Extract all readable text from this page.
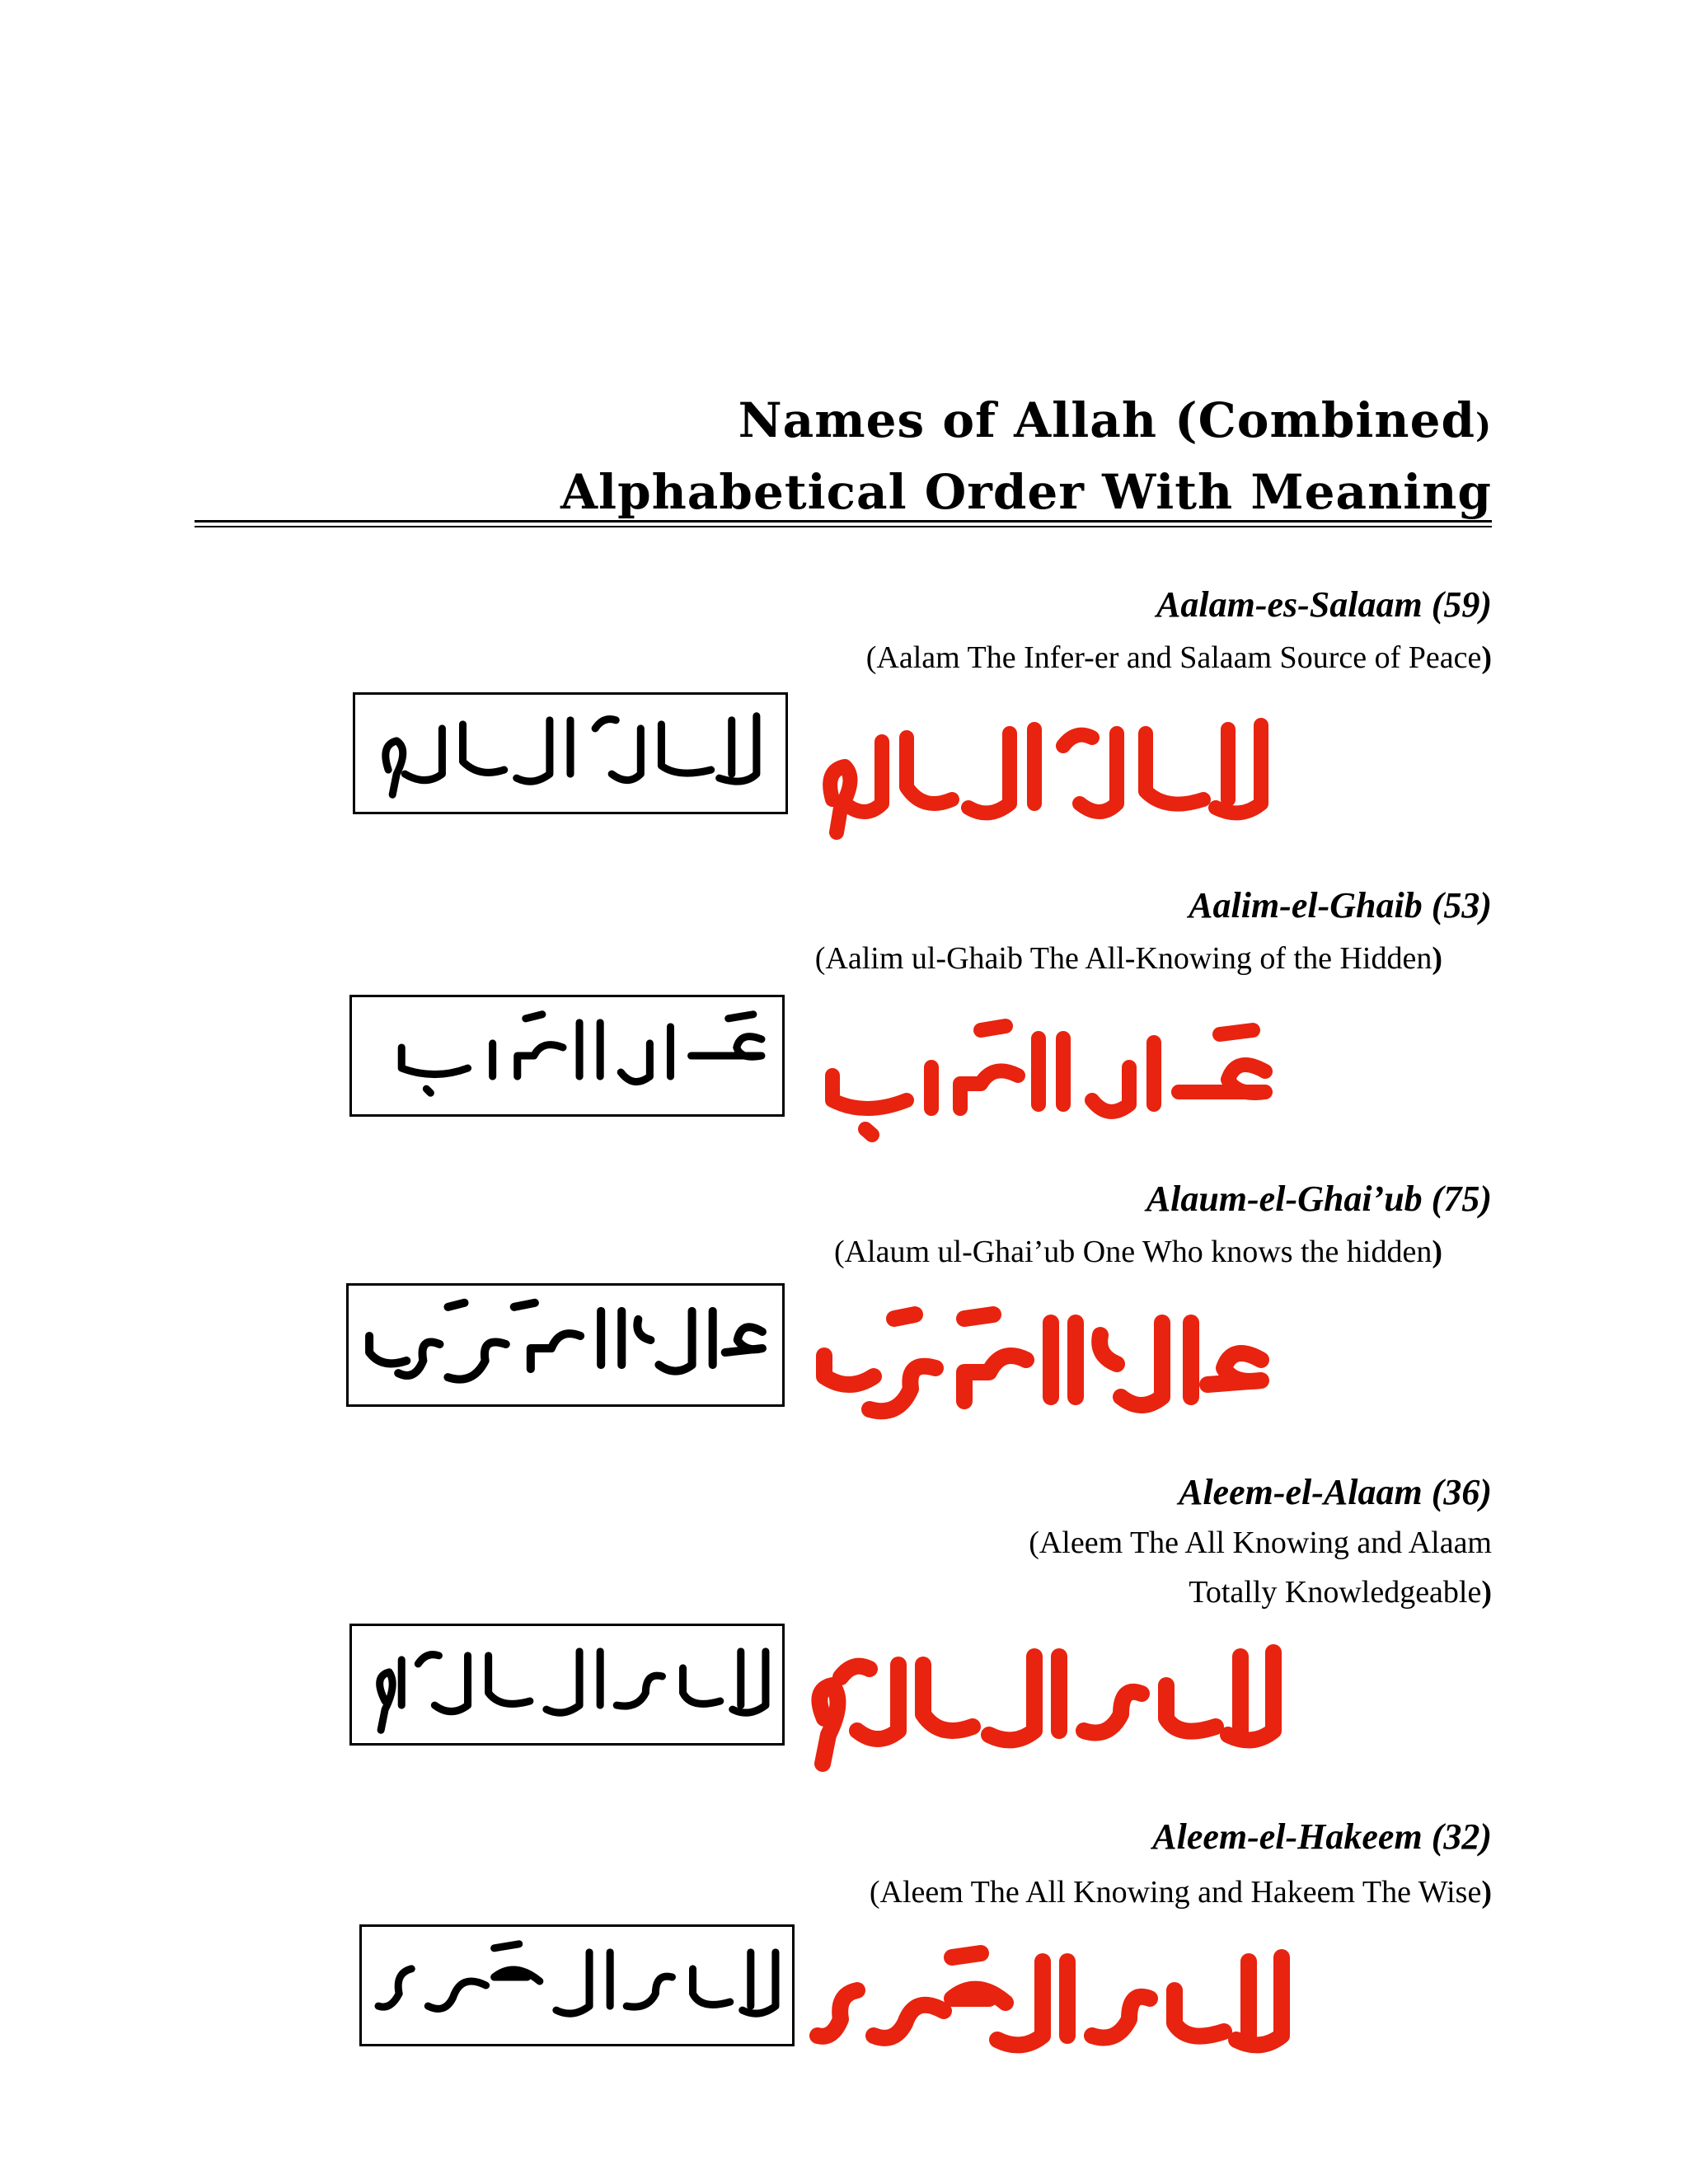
Names of Allah (Combined)
Alphabetical Order With Meaning
Aalam-es-Salaam (59)
(Aalam The Infer-er and Salaam Source of Peace)
Aalim-el-Ghaib (53)
(Aalim ul-Ghaib The All-Knowing of the Hidden)
Alaum-el-Ghai’ub (75)
(Alaum ul-Ghai’ub One Who knows the hidden)
Aleem-el-Alaam (36)
(Aleem The All Knowing and Alaam
Totally Knowledgeable)
Aleem-el-Hakeem (32)
(Aleem The All Knowing and Hakeem The Wise)
